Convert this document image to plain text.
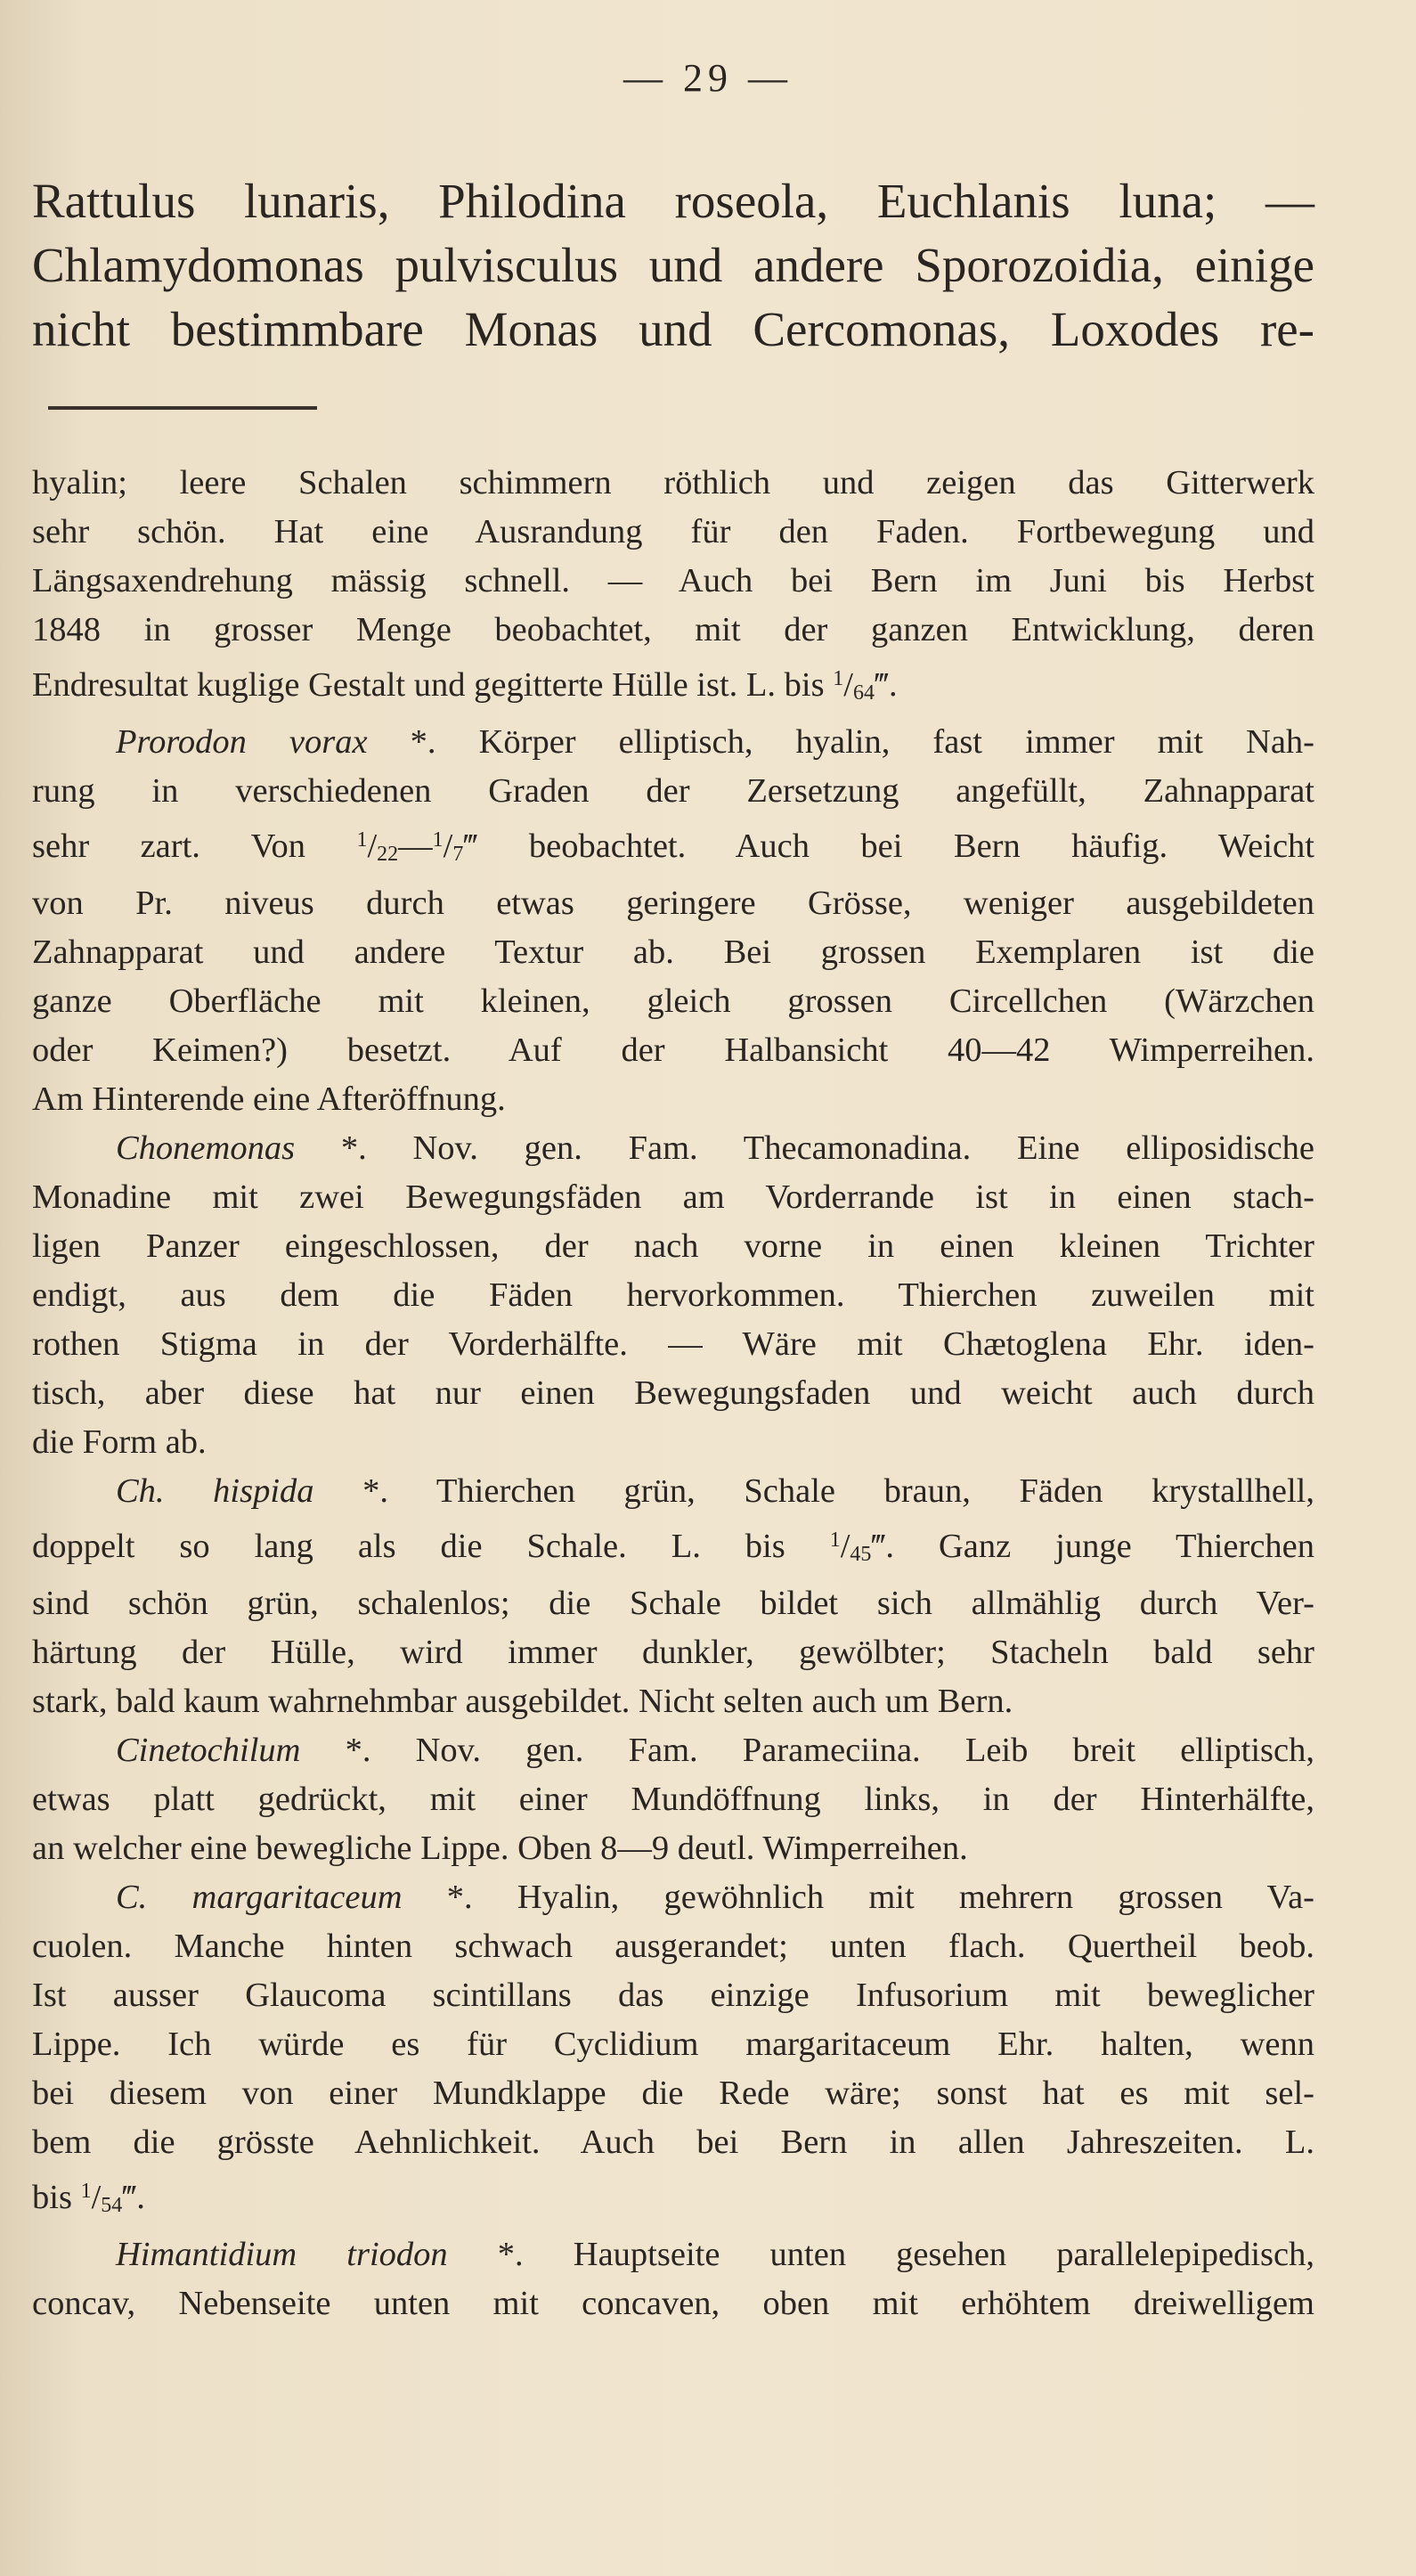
— 29 —
Rattulus lunaris, Philodina roseola, Euchlanis luna; —
Chlamydomonas pulvisculus und andere Sporozoidia, einige
nicht bestimmbare Monas und Cercomonas, Loxodes re-
hyalin; leere Schalen schimmern röthlich und zeigen das Gitterwerk
sehr schön. Hat eine Ausrandung für den Faden. Fortbewegung und
Längsaxendrehung mässig schnell. — Auch bei Bern im Juni bis Herbst
1848 in grosser Menge beobachtet, mit der ganzen Entwicklung, deren
Endresultat kuglige Gestalt und gegitterte Hülle ist. L. bis $^1/_{64}‴$.
Prorodon vorax *. Körper elliptisch, hyalin, fast immer mit Nah-
rung in verschiedenen Graden der Zersetzung angefüllt, Zahnapparat
sehr zart. Von $^1/_{22}—^1/_7‴$ beobachtet. Auch bei Bern häufig. Weicht
von Pr. niveus durch etwas geringere Grösse, weniger ausgebildeten
Zahnapparat und andere Textur ab. Bei grossen Exemplaren ist die
ganze Oberfläche mit kleinen, gleich grossen Circellchen (Wärzchen
oder Keimen?) besetzt. Auf der Halbansicht 40—42 Wimperreihen.
Am Hinterende eine Afteröffnung.
Chonemonas *. Nov. gen. Fam. Thecamonadina. Eine elliposidische
Monadine mit zwei Bewegungsfäden am Vorderrande ist in einen stach-
ligen Panzer eingeschlossen, der nach vorne in einen kleinen Trichter
endigt, aus dem die Fäden hervorkommen. Thierchen zuweilen mit
rothen Stigma in der Vorderhälfte. — Wäre mit Chætoglena Ehr. iden-
tisch, aber diese hat nur einen Bewegungsfaden und weicht auch durch
die Form ab.
Ch. hispida *. Thierchen grün, Schale braun, Fäden krystallhell,
doppelt so lang als die Schale. L. bis $^1/_{45}‴$. Ganz junge Thierchen
sind schön grün, schalenlos; die Schale bildet sich allmählig durch Ver-
härtung der Hülle, wird immer dunkler, gewölbter; Stacheln bald sehr
stark, bald kaum wahrnehmbar ausgebildet. Nicht selten auch um Bern.
Cinetochilum *. Nov. gen. Fam. Parameciina. Leib breit elliptisch,
etwas platt gedrückt, mit einer Mundöffnung links, in der Hinterhälfte,
an welcher eine bewegliche Lippe. Oben 8—9 deutl. Wimperreihen.
C. margaritaceum *. Hyalin, gewöhnlich mit mehrern grossen Va-
cuolen. Manche hinten schwach ausgerandet; unten flach. Quertheil beob.
Ist ausser Glaucoma scintillans das einzige Infusorium mit beweglicher
Lippe. Ich würde es für Cyclidium margaritaceum Ehr. halten, wenn
bei diesem von einer Mundklappe die Rede wäre; sonst hat es mit sel-
bem die grösste Aehnlichkeit. Auch bei Bern in allen Jahreszeiten. L.
bis $^1/_{54}‴$.
Himantidium triodon *. Hauptseite unten gesehen parallelepipedisch,
concav, Nebenseite unten mit concaven, oben mit erhöhtem dreiwelligem
